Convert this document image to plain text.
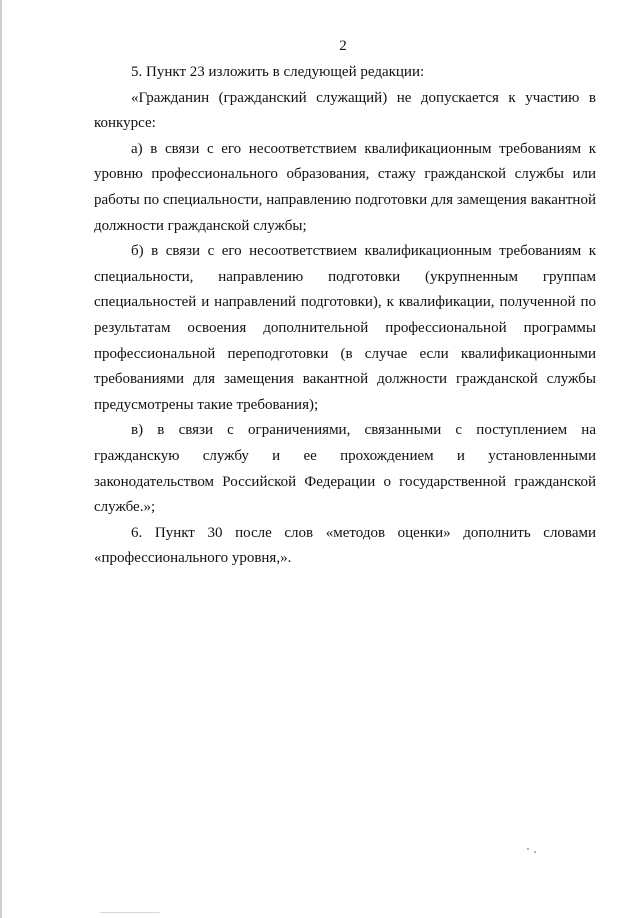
2

5. Пункт 23 изложить в следующей редакции:

«Гражданин (гражданский служащий) не допускается к участию в конкурсе:

а) в связи с его несоответствием квалификационным требованиям к уровню профессионального образования, стажу гражданской службы или работы по специальности, направлению подготовки для замещения вакантной должности гражданской службы;

б) в связи с его несоответствием квалификационным требованиям к специальности, направлению подготовки (укрупненным группам специальностей и направлений подготовки), к квалификации, полученной по результатам освоения дополнительной профессиональной программы профессиональной переподготовки (в случае если квалификационными требованиями для замещения вакантной должности гражданской службы предусмотрены такие требования);

в) в связи с ограничениями, связанными с поступлением на гражданскую службу и ее прохождением и установленными законодательством Российской Федерации о государственной гражданской службе.»;

6. Пункт 30 после слов «методов оценки» дополнить словами «профессионального уровня,».
